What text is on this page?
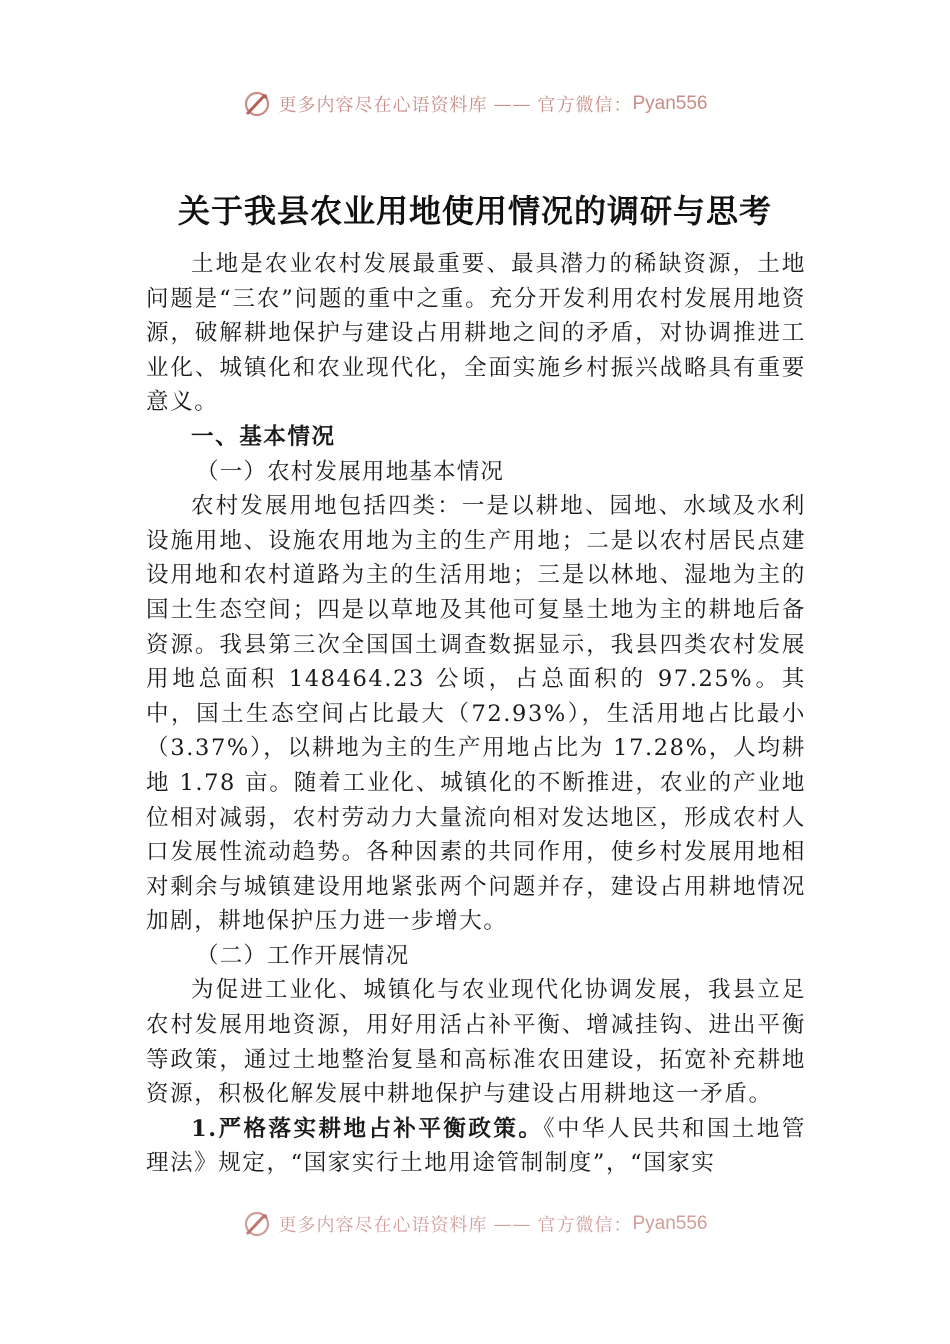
更多内容尽在心语资料库 —— 官方微信： Pyan556
关于我县农业用地使用情况的调研与思考

土地是农业农村发展最重要、最具潜力的稀缺资源，土地问题是“三农”问题的重中之重。充分开发利用农村发展用地资源，破解耕地保护与建设占用耕地之间的矛盾，对协调推进工业化、城镇化和农业现代化，全面实施乡村振兴战略具有重要意义。

一、基本情况
（一）农村发展用地基本情况

农村发展用地包括四类：一是以耕地、园地、水域及水利设施用地、设施农用地为主的生产用地；二是以农村居民点建设用地和农村道路为主的生活用地；三是以林地、湿地为主的国土生态空间；四是以草地及其他可复垦土地为主的耕地后备资源。我县第三次全国国土调查数据显示，我县四类农村发展用地总面积 148464.23 公顷，占总面积的 97.25%。其中，国土生态空间占比最大（72.93%），生活用地占比最小（3.37%），以耕地为主的生产用地占比为 17.28%，人均耕地 1.78 亩。随着工业化、城镇化的不断推进，农业的产业地位相对减弱，农村劳动力大量流向相对发达地区，形成农村人口发展性流动趋势。各种因素的共同作用，使乡村发展用地相对剩余与城镇建设用地紧张两个问题并存，建设占用耕地情况加剧，耕地保护压力进一步增大。

（二）工作开展情况

为促进工业化、城镇化与农业现代化协调发展，我县立足农村发展用地资源，用好用活占补平衡、增减挂钩、进出平衡等政策，通过土地整治复垦和高标准农田建设，拓宽补充耕地资源，积极化解发展中耕地保护与建设占用耕地这一矛盾。

1.严格落实耕地占补平衡政策。《中华人民共和国土地管理法》规定，“国家实行土地用途管制制度”，“国家实

更多内容尽在心语资料库 —— 官方微信： Pyan556
